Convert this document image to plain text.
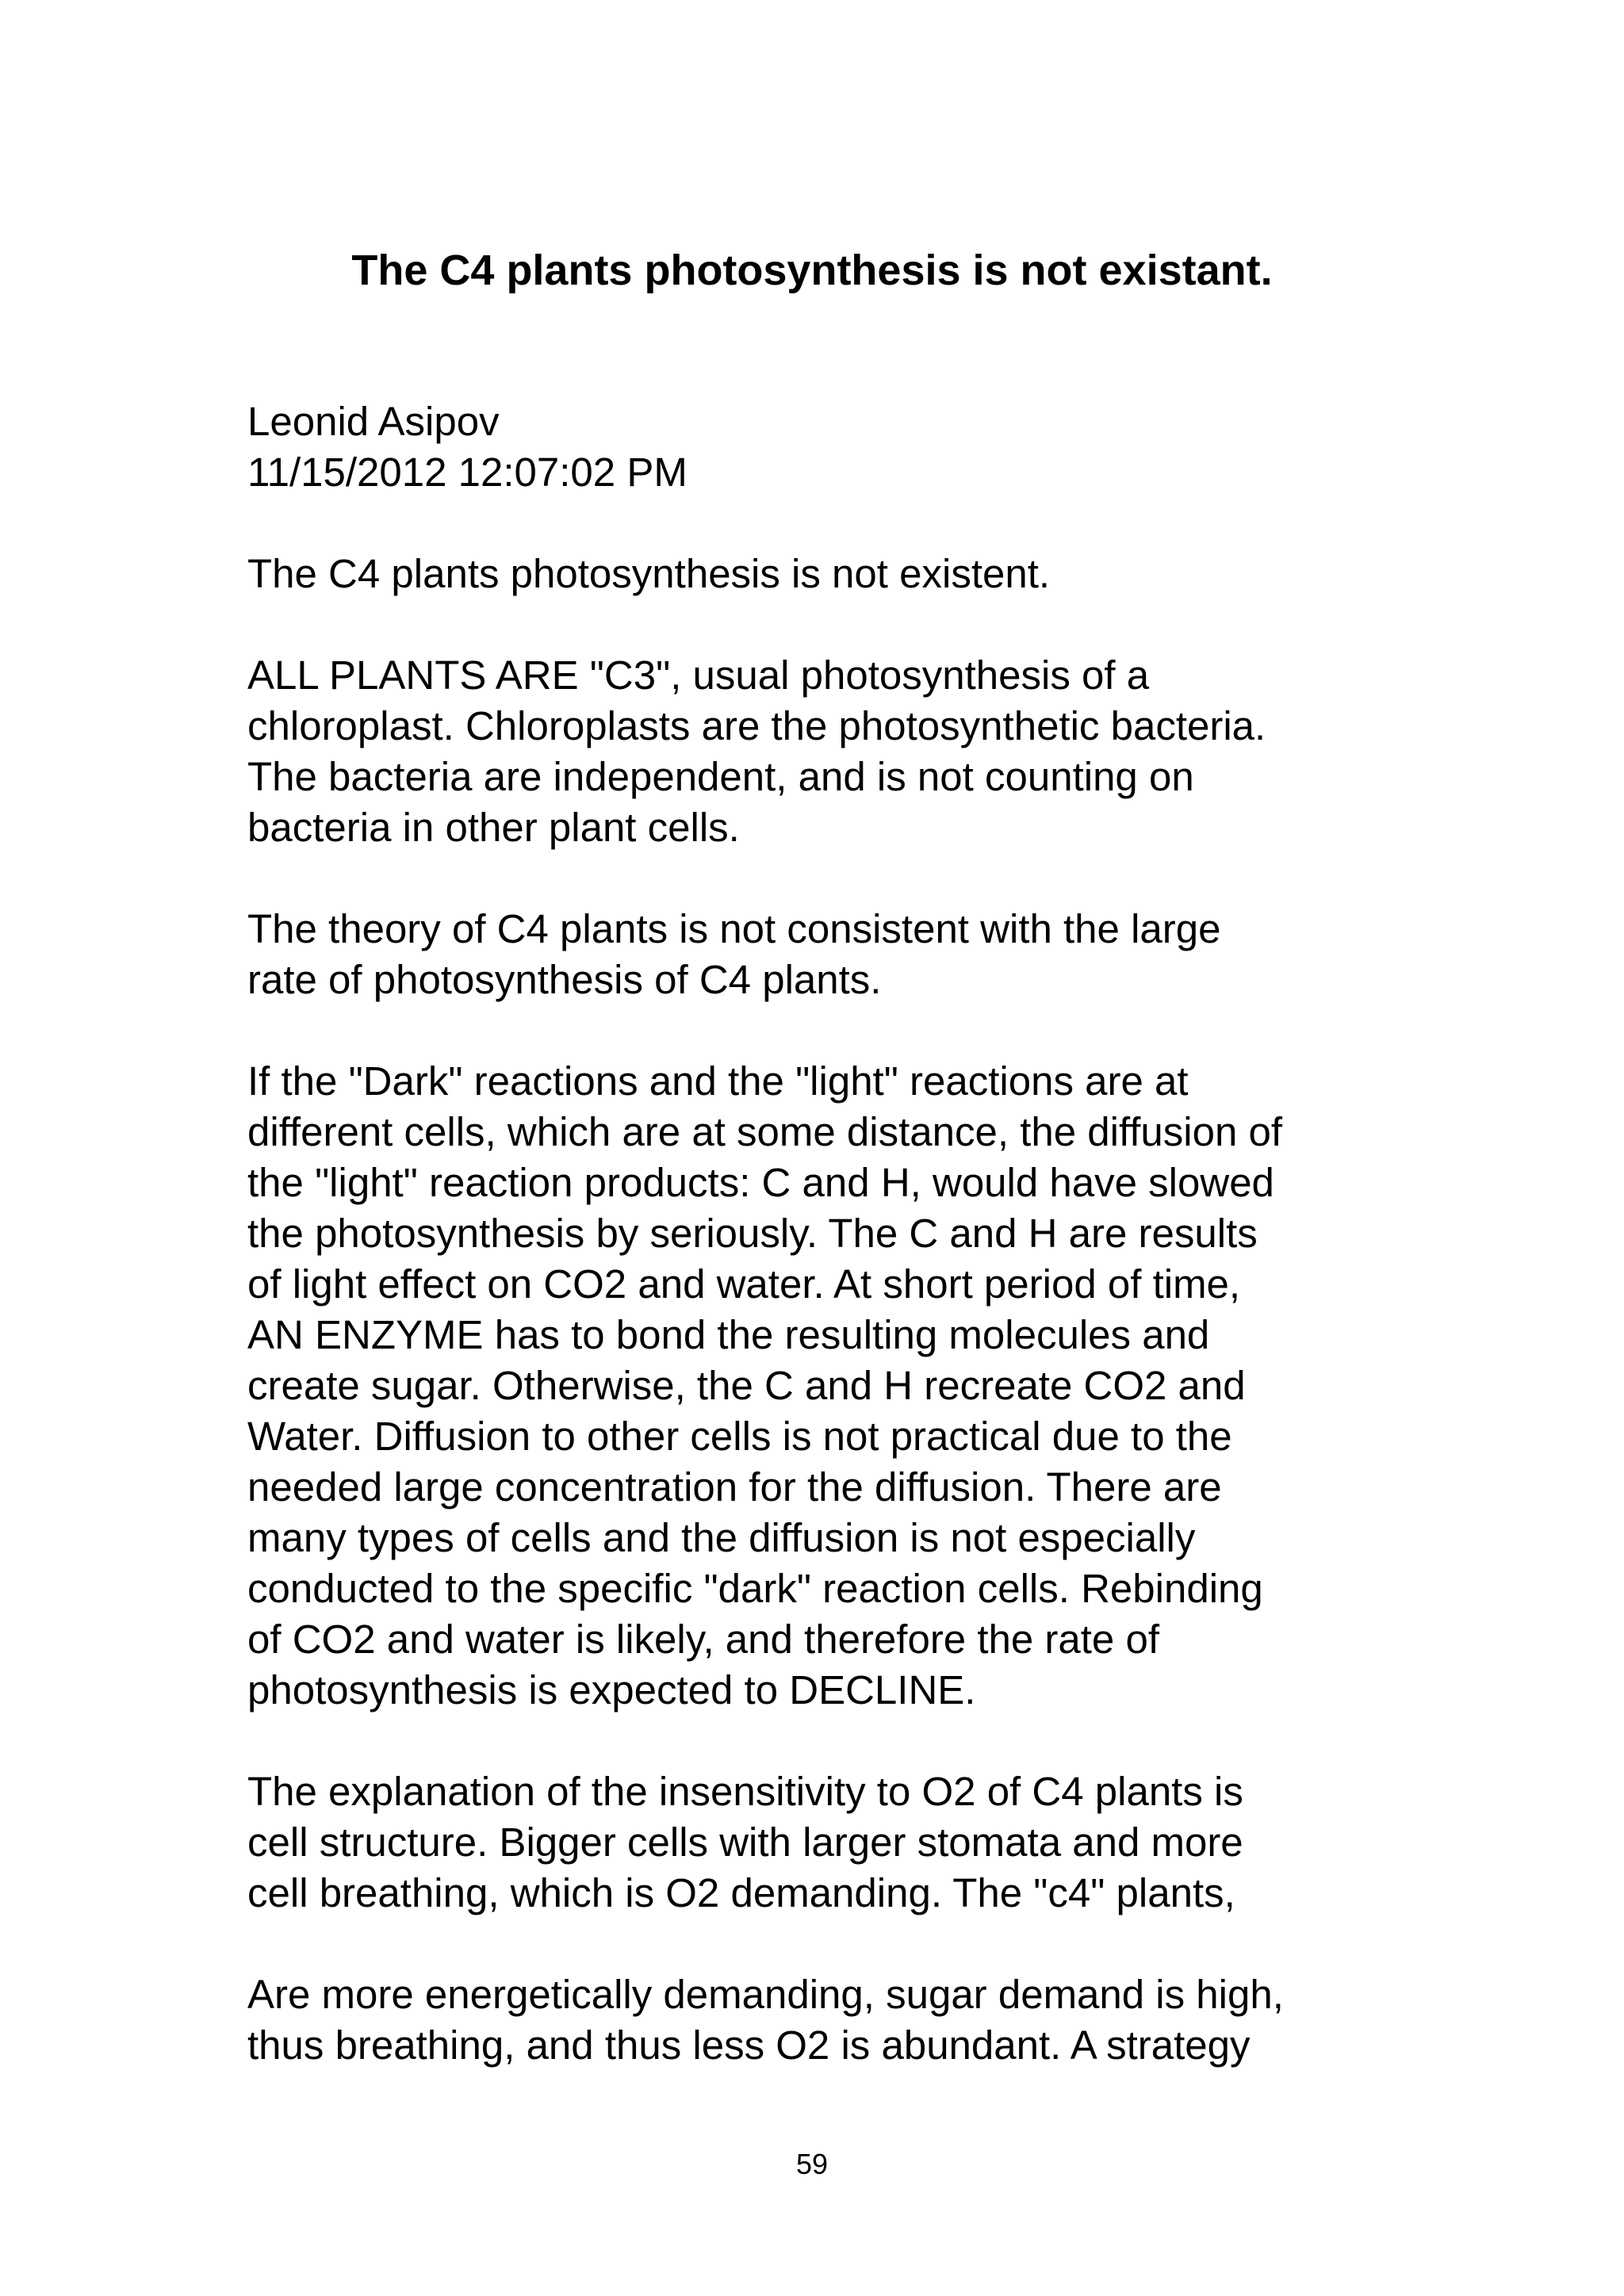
The C4 plants photosynthesis is not existant.

Leonid Asipov

11/15/2012 12:07:02 PM

The C4 plants photosynthesis is not existent.

ALL PLANTS ARE "C3", usual photosynthesis of a
chloroplast. Chloroplasts are the photosynthetic bacteria.
The bacteria are independent, and is not counting on
bacteria in other plant cells.

The theory of C4 plants is not consistent with the large
rate of photosynthesis of C4 plants.

If the "Dark" reactions and the "light" reactions are at
different cells, which are at some distance, the diffusion of
the "light" reaction products: C and H, would have slowed
the photosynthesis by seriously. The C and H are results
of light effect on CO2 and water. At short period of time,
AN ENZYME has to bond the resulting molecules and
create sugar. Otherwise, the C and H recreate CO2 and
Water. Diffusion to other cells is not practical due to the
needed large concentration for the diffusion. There are
many types of cells and the diffusion is not especially
conducted to the specific "dark" reaction cells. Rebinding
of CO2 and water is likely, and therefore the rate of
photosynthesis is expected to DECLINE.

The explanation of the insensitivity to O2 of C4 plants is
cell structure. Bigger cells with larger stomata and more
cell breathing, which is O2 demanding. The "c4" plants,

Are more energetically demanding, sugar demand is high,
thus breathing, and thus less O2 is abundant. A strategy

59
